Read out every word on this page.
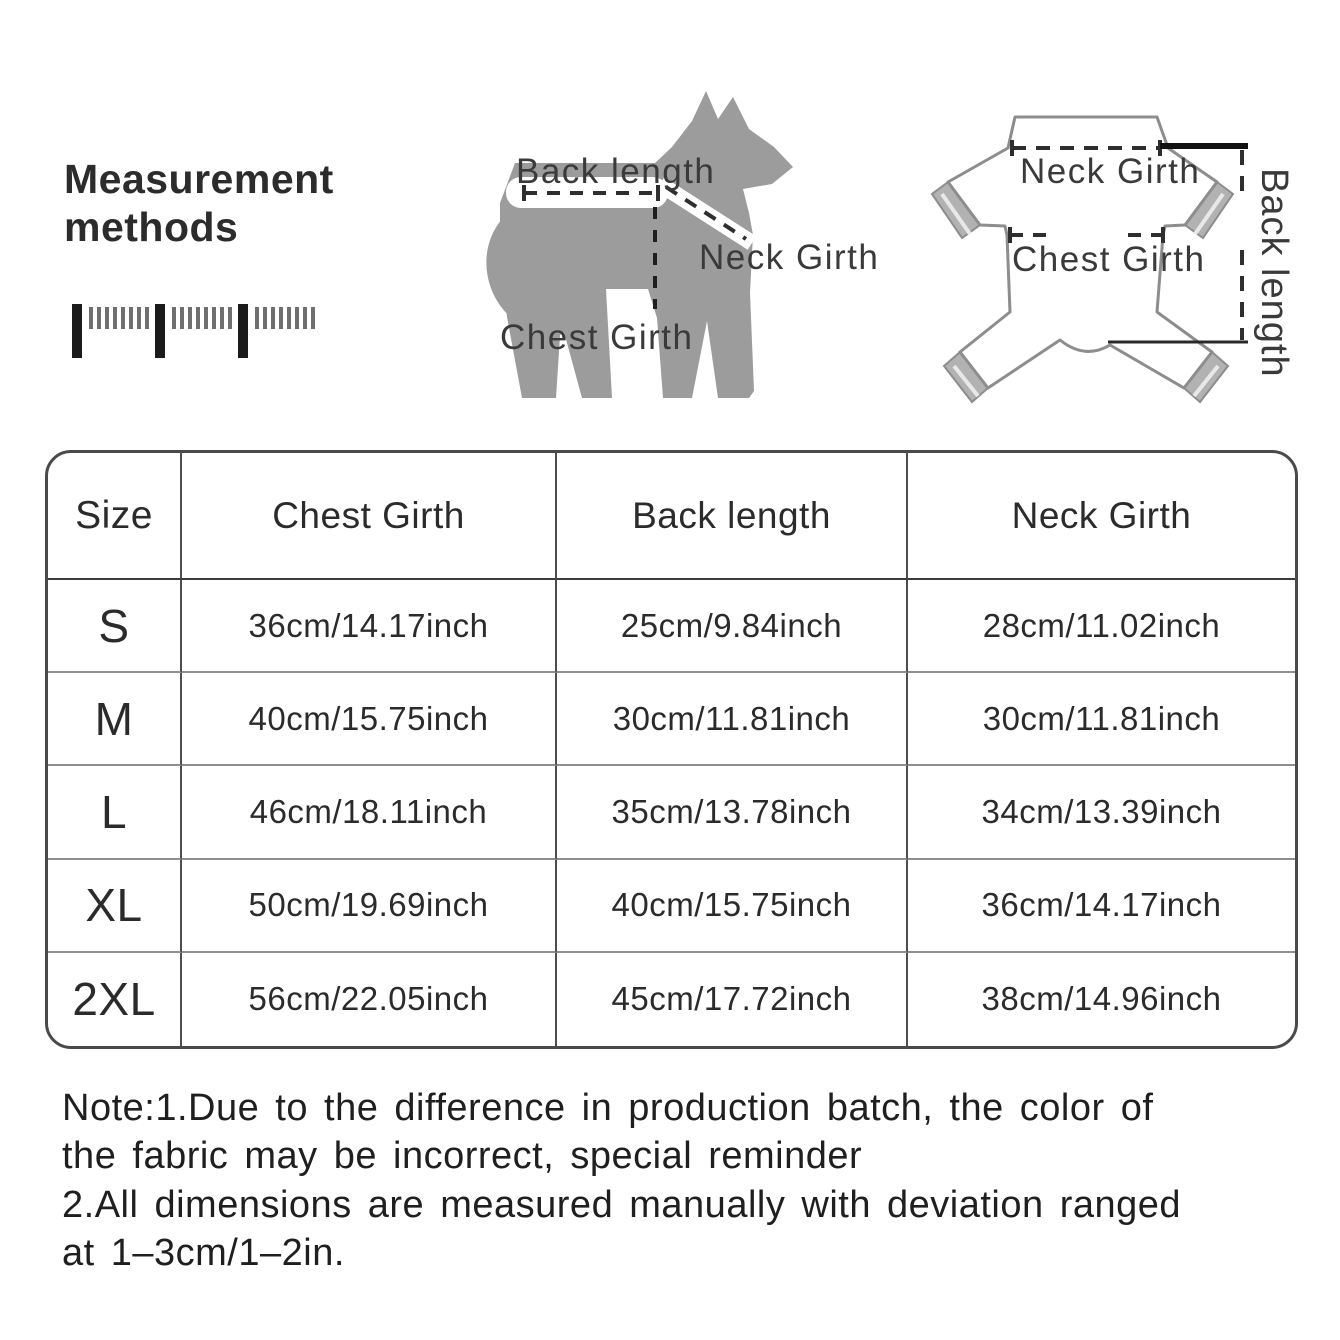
Measurement methods
Back length
Neck Girth
Chest Girth
Neck Girth
Chest Girth Back length
Size	Chest Girth	Back length	Neck Girth
S	36cm/14.17inch	25cm/9.84inch	28cm/11.02inch
M	40cm/15.75inch	30cm/11.81inch	30cm/11.81inch
L	46cm/18.11inch	35cm/13.78inch	34cm/13.39inch
XL	50cm/19.69inch	40cm/15.75inch	36cm/14.17inch
2XL	56cm/22.05inch	45cm/17.72inch	38cm/14.96inch
Note:1.Due to the difference in production batch, the color of
the fabric may be incorrect, special reminder
2.All dimensions are measured manually with deviation ranged
at 1–3cm/1–2in.
